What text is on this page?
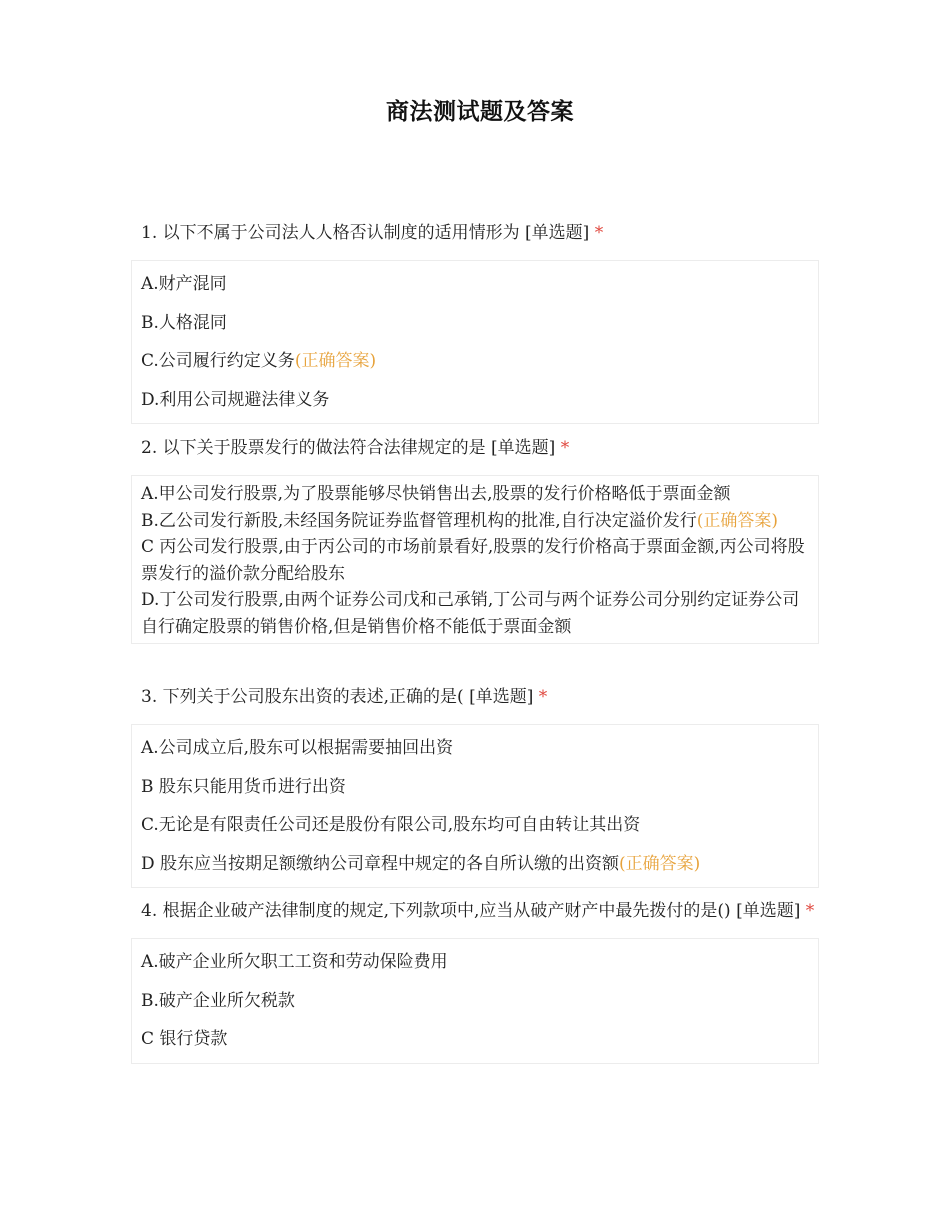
商法测试题及答案
1. 以下不属于公司法人人格否认制度的适用情形为 [单选题] *
A.财产混同
B.人格混同
C.公司履行约定义务(正确答案)
D.利用公司规避法律义务
2. 以下关于股票发行的做法符合法律规定的是 [单选题] *
A.甲公司发行股票,为了股票能够尽快销售出去,股票的发行价格略低于票面金额
B.乙公司发行新股,未经国务院证券监督管理机构的批准,自行决定溢价发行(正确答案)
C 丙公司发行股票,由于丙公司的市场前景看好,股票的发行价格高于票面金额,丙公司将股票发行的溢价款分配给股东
D.丁公司发行股票,由两个证券公司戊和己承销,丁公司与两个证券公司分别约定证券公司自行确定股票的销售价格,但是销售价格不能低于票面金额
3. 下列关于公司股东出资的表述,正确的是( [单选题] *
A.公司成立后,股东可以根据需要抽回出资
B 股东只能用货币进行出资
C.无论是有限责任公司还是股份有限公司,股东均可自由转让其出资
D 股东应当按期足额缴纳公司章程中规定的各自所认缴的出资额(正确答案)
4. 根据企业破产法律制度的规定,下列款项中,应当从破产财产中最先拨付的是() [单选题] *
A.破产企业所欠职工工资和劳动保险费用
B.破产企业所欠税款
C 银行贷款
